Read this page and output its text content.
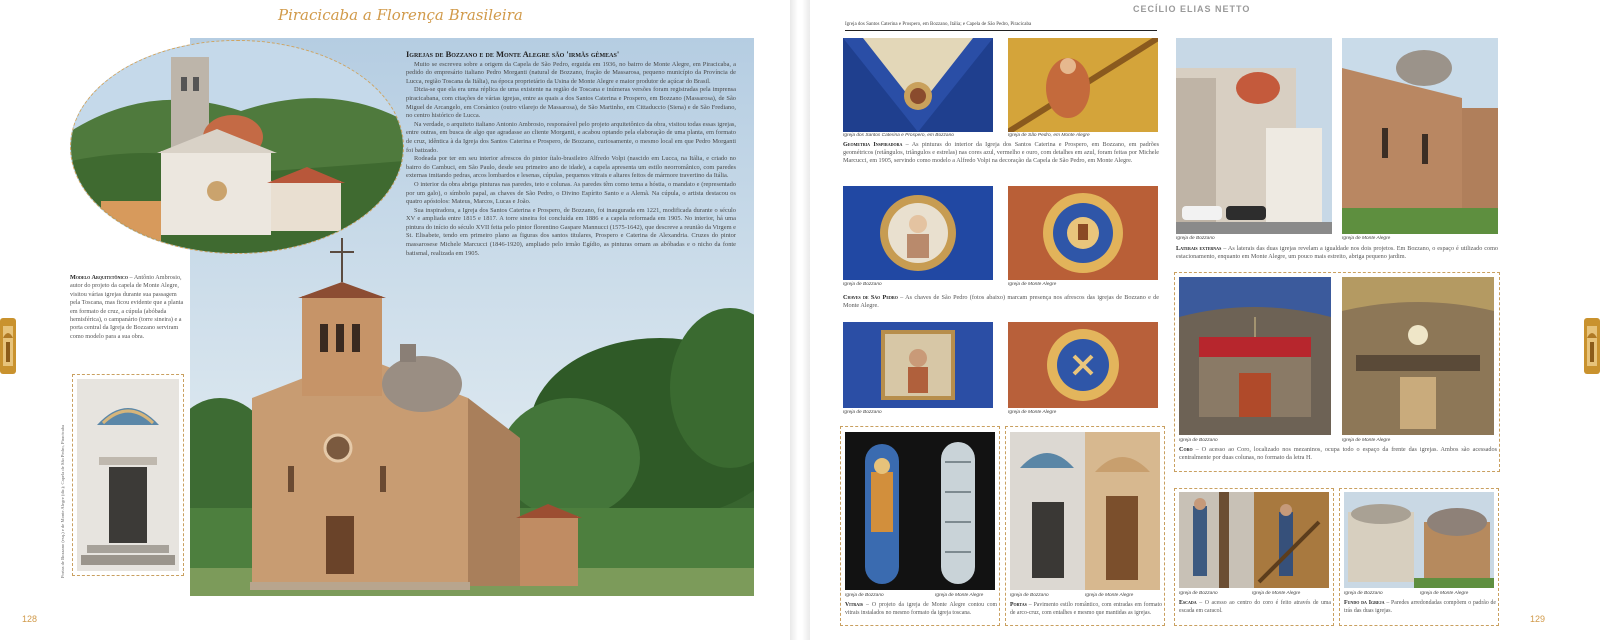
Piracicaba a Florença Brasileira
Igrejas de Bozzano e de Monte Alegre são 'irmãs gêmeas'

Muito se escreveu sobre a origem da Capela de São Pedro, erguida em 1936, no bairro de Monte Alegre, em Piracicaba, a pedido do empresário italiano Pedro Morganti (natural de Bozzano, fração de Massarosa, pequeno município da Província de Lucca, região Toscana da Itália), na época proprietário da Usina de Monte Alegre e maior produtor de açúcar do Brasil.

Dizia-se que ela era uma réplica de uma existente na região de Toscana e inúmeras versões foram registradas pela imprensa piracicabana, com citações de várias igrejas, entre as quais a dos Santos Caterina e Prospero, em Bozzano (Massarosa), de São Miguel de Arcangelo, em Corsànico (outro vilarejo de Massarosa), de São Martinho, em Cittaduccio (Siena) e de São Frediano, no centro histórico de Lucca.

Na verdade, o arquiteto italiano Antonio Ambrosio, responsável pelo projeto arquitetônico da obra, visitou todas essas igrejas, entre outras, em busca de algo que agradasse ao cliente Morganti, e acabou optando pela elaboração de uma planta, em formato de cruz, idêntica à da Igreja dos Santos Caterina e Prospero, de Bozzano, curiosamente, o mesmo local em que Pedro Morganti foi batizado.

Rodeada por ter em seu interior afrescos do pintor ítalo-brasileiro Alfredo Volpi (nascido em Lucca, na Itália, e criado no bairro do Cambuci, em São Paulo, desde seu primeiro ano de idade), a capela apresenta um estilo neorromânico, com paredes externas imitando pedras, arcos lombardos e lesenas, cúpulas, pequenos vitrais e altares feitos de mármore travertino da Itália.

O interior da obra abriga pinturas nas paredes, teto e colunas. As paredes têm como tema a hóstia, o mandato e (representado por um galo), o símbolo papal, as chaves de São Pedro, o Divino Espírito Santo e a Alemã. Na cúpula, o artista destacou os quatro apóstolos: Mateus, Marcos, Lucas e João.

Sua inspiradora, a Igreja dos Santos Caterina e Prospero, de Bozzano, foi inaugurada em 1221, modificada durante o século XV e ampliada entre 1815 e 1817. A torre sineira foi concluída em 1886 e a capela reformada em 1905. No interior, há uma pintura do início do século XVII feita pelo pintor florentino Gaspare Mannucci (1575-1642), que descreve a reunião da Virgem e St. Elisabete, tendo em primeiro plano as figuras dos santos titulares, Prospero e Caterina de Alexandria. Cruzes do pintor massarosese Michele Marcucci (1846-1920), ampliado pelo irmão Egídio, as pinturas ornam as abóbadas e o nicho da fonte batismal, realizada em 1905.

Modelo Arquitetônico – Antônio Ambrosio, autor do projeto da capela de Monte Alegre, visitou várias igrejas durante sua passagem pela Toscana, mas ficou evidente que a planta em formato de cruz, a cúpula (abóbada hemisférica), o campanário (torre sineira) e a porta central da Igreja de Bozzano serviram como modelo para a sua obra.
Portas de Bozzano (esq.) e de Monte Alegre (dir.); Capela de São Pedro, Piracicaba
128
CECÍLIO ELIAS NETTO
Igreja dos Santos Caterina e Prospero, em Bozzano, Itália; e Capela de São Pedro, Piracicaba
Igreja dos Santos Caterina e Prospero, em Bozzano	Igreja de São Pedro, em Monte Alegre
Geometria Inspiradora – As pinturas do interior da Igreja dos Santos Caterina e Prospero, em Bozzano, em padrões geométricos (retângulos, triângulos e estrelas) nas cores azul, vermelho e ouro, com detalhes em azul, foram feitas por Michele Marcucci, em 1905, servindo como modelo a Alfredo Volpi na decoração da Capela de São Pedro, em Monte Alegre.
Igreja de Bozzano	Igreja de Monte Alegre
Chaves de São Pedro – As chaves de São Pedro (fotos abaixo) marcam presença nos afrescos das igrejas de Bozzano e de Monte Alegre.
Igreja de Bozzano	Igreja de Monte Alegre
Igreja de Bozzano	Igreja de Monte Alegre
Vitrais – O projeto da igreja de Monte Alegre contou com vitrais instalados no mesmo formato da igreja toscana.
Igreja de Bozzano	Igreja de Monte Alegre
Portas – Pavimento estilo romântico, com entradas em formato de arco-cruz, com entalhes e mesmo que mantidas as igrejas.
Igreja de Bozzano	Igreja de Monte Alegre
Laterais externas – As laterais das duas igrejas revelam a igualdade nos dois projetos. Em Bozzano, o espaço é utilizado como estacionamento, enquanto em Monte Alegre, um pouco mais estreito, abriga pequeno jardim.
Igreja de Bozzano	Igreja de Monte Alegre
Coro – O acesso ao Coro, localizado nos mezaninos, ocupa todo o espaço da frente das igrejas. Ambos são acessados centralmente por duas colunas, no formato da letra H.
Igreja de Bozzano	Igreja de Monte Alegre
Escada – O acesso ao centro do coro é feito através de uma escada em caracol.
Igreja de Bozzano	Igreja de Monte Alegre
Fundo da Igreja – Paredes arredondadas compõem o padrão de trás das duas igrejas.
129
